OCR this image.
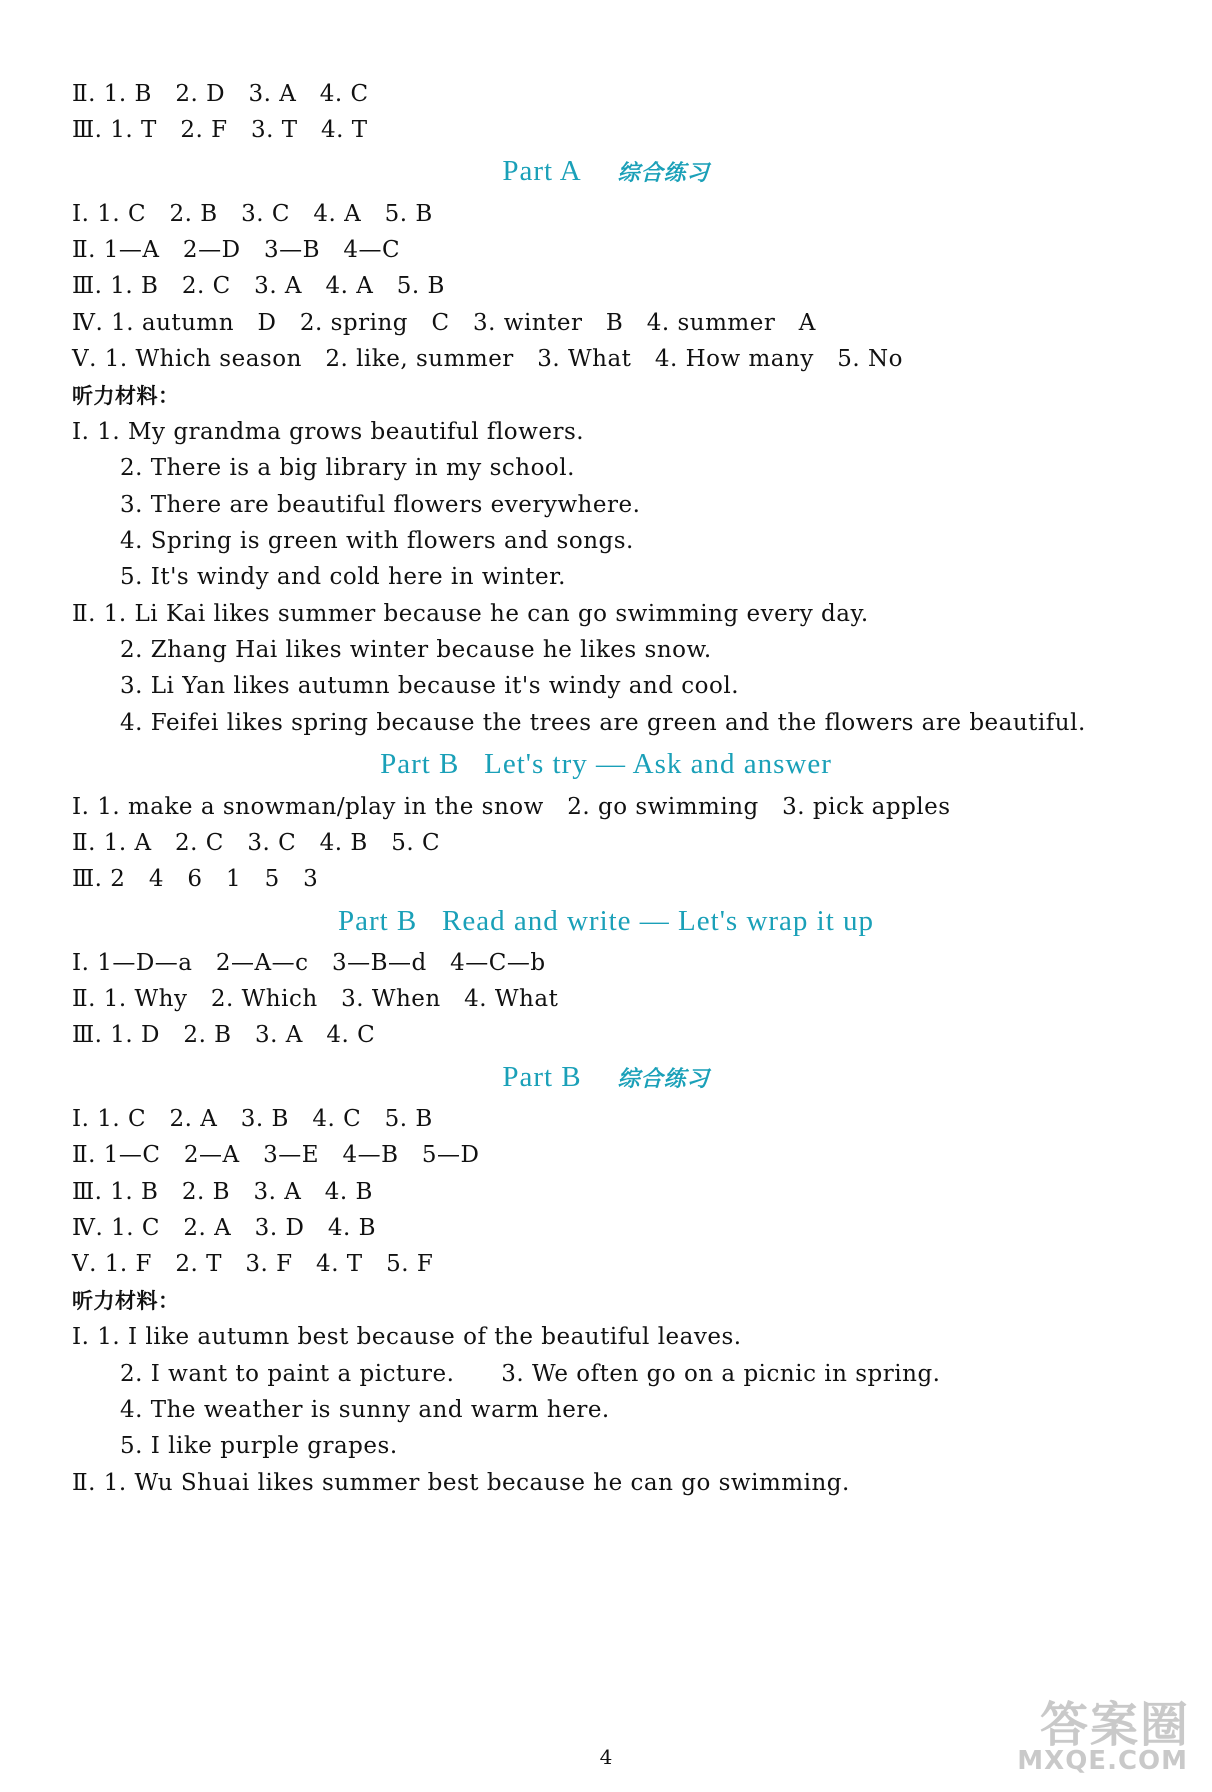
Ⅱ. 1. B   2. D   3. A   4. C
Ⅲ. 1. T   2. F   3. T   4. T
Part A 综合练习
Ⅰ. 1. C   2. B   3. C   4. A   5. B
Ⅱ. 1—A   2—D   3—B   4—C
Ⅲ. 1. B   2. C   3. A   4. A   5. B
Ⅳ. 1. autumn   D   2. spring   C   3. winter   B   4. summer   A
Ⅴ. 1. Which season   2. like, summer   3. What   4. How many   5. No
听力材料：
Ⅰ. 1. My grandma grows beautiful flowers.
2. There is a big library in my school.
3. There are beautiful flowers everywhere.
4. Spring is green with flowers and songs.
5. It's windy and cold here in winter.
Ⅱ. 1. Li Kai likes summer because he can go swimming every day.
2. Zhang Hai likes winter because he likes snow.
3. Li Yan likes autumn because it's windy and cool.
4. Feifei likes spring because the trees are green and the flowers are beautiful.
Part B   Let's try — Ask and answer
Ⅰ. 1. make a snowman/play in the snow   2. go swimming   3. pick apples
Ⅱ. 1. A   2. C   3. C   4. B   5. C
Ⅲ. 2   4   6   1   5   3
Part B   Read and write — Let's wrap it up
Ⅰ. 1—D—a   2—A—c   3—B—d   4—C—b
Ⅱ. 1. Why   2. Which   3. When   4. What
Ⅲ. 1. D   2. B   3. A   4. C
Part B 综合练习
Ⅰ. 1. C   2. A   3. B   4. C   5. B
Ⅱ. 1—C   2—A   3—E   4—B   5—D
Ⅲ. 1. B   2. B   3. A   4. B
Ⅳ. 1. C   2. A   3. D   4. B
Ⅴ. 1. F   2. T   3. F   4. T   5. F
听力材料：
Ⅰ. 1. I like autumn best because of the beautiful leaves.
2. I want to paint a picture.      3. We often go on a picnic in spring.
4. The weather is sunny and warm here.
5. I like purple grapes.
Ⅱ. 1. Wu Shuai likes summer best because he can go swimming.
4
答案圈
MXQE.COM
